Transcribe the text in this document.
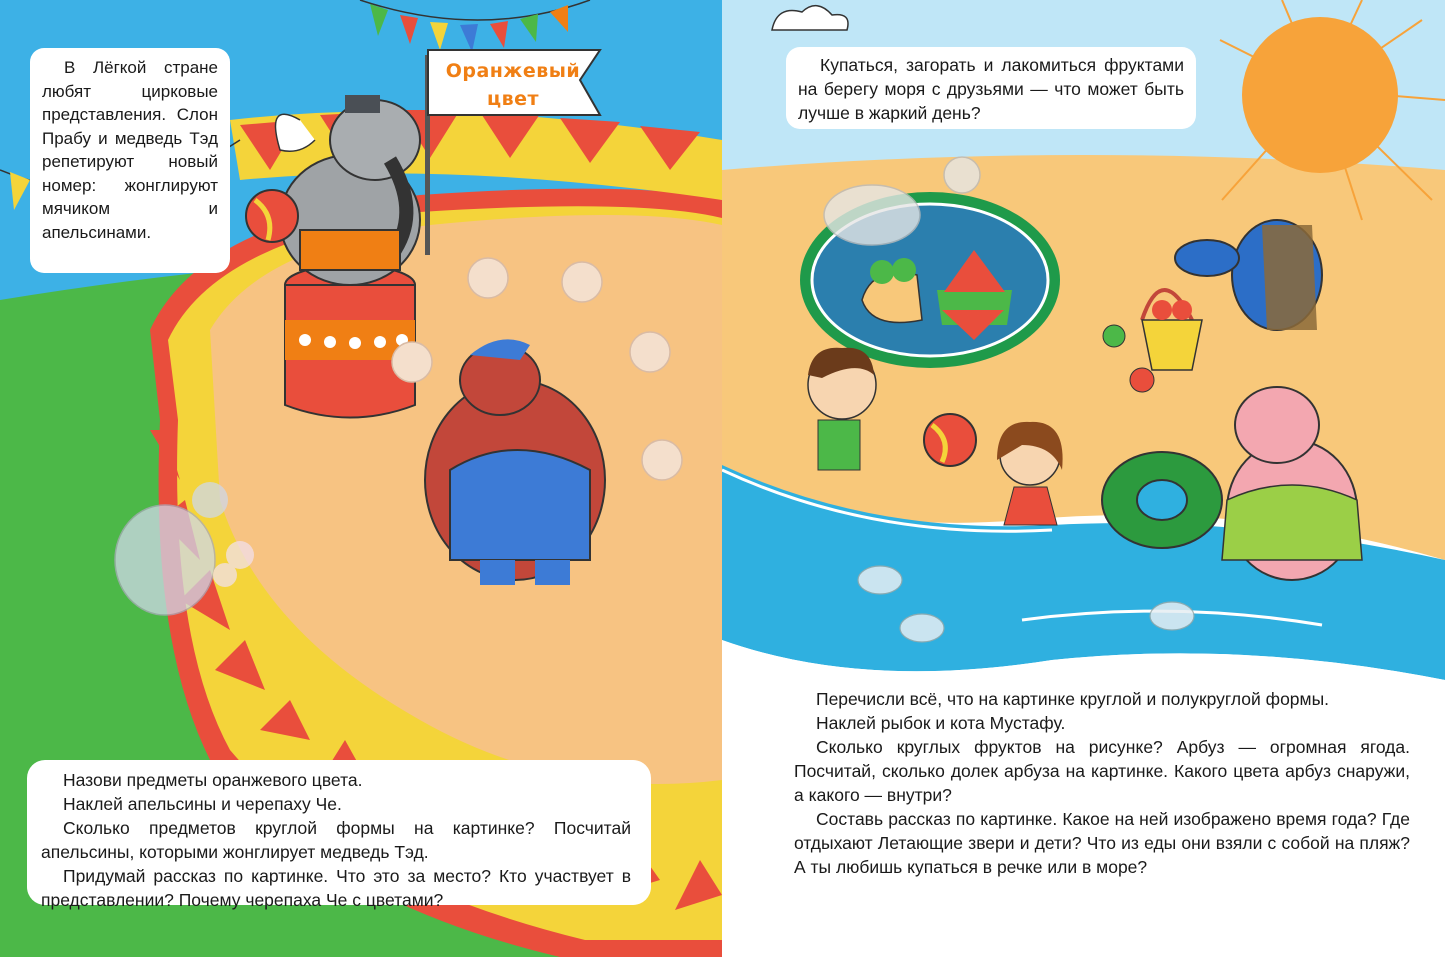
Оранжевый
цвет

В Лёгкой стране любят цирковые представления. Слон Прабу и медведь Тэд репетируют новый номер: жонглируют мячиком и апельсинами.

Назови предметы оранжевого цвета.

Наклей апельсины и черепаху Че.

Сколько предметов круглой формы на картинке? Посчитай апельсины, которыми жонглирует медведь Тэд.

Придумай рассказ по картинке. Что это за место? Кто участвует в представлении? Почему черепаха Че с цветами?

Купаться, загорать и лакомиться фруктами на берегу моря с друзьями — что может быть лучше в жаркий день?

Перечисли всё, что на картинке круглой и полукруглой формы.

Наклей рыбок и кота Мустафу.

Сколько круглых фруктов на рисунке? Арбуз — огромная ягода. Посчитай, сколько долек арбуза на картинке. Какого цвета арбуз снаружи, а какого — внутри?

Составь рассказ по картинке. Какое на ней изображено время года? Где отдыхают Летающие звери и дети? Что из еды они взяли с собой на пляж? А ты любишь купаться в речке или в море?
